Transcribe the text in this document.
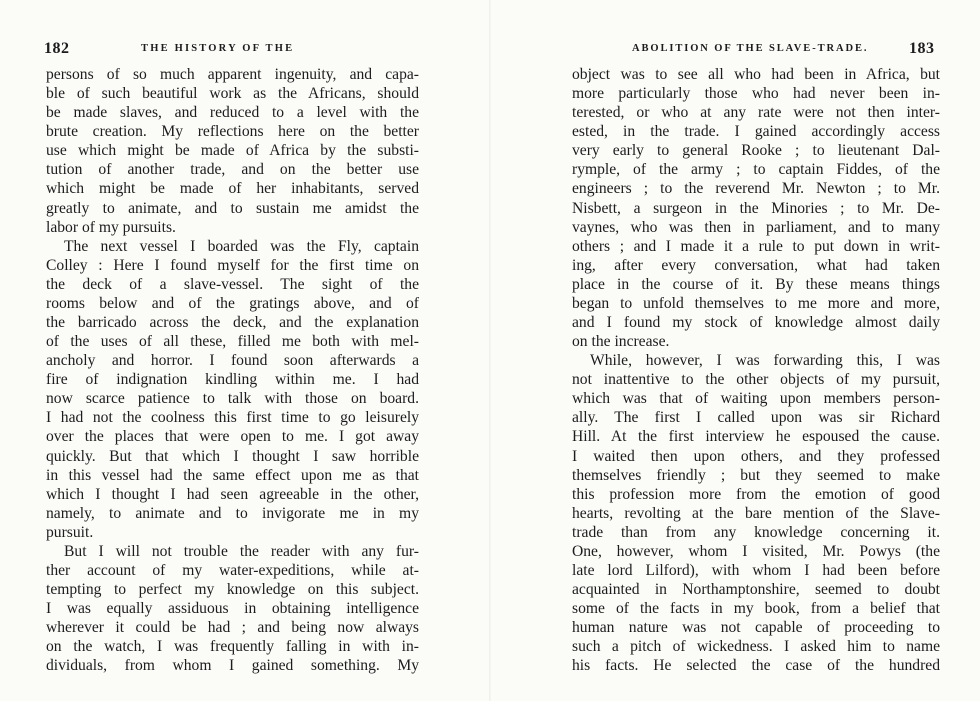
182	THE HISTORY OF THE
persons of so much apparent ingenuity, and capa-
ble of such beautiful work as the Africans, should
be made slaves, and reduced to a level with the
brute creation. My reflections here on the better
use which might be made of Africa by the substi-
tution of another trade, and on the better use
which might be made of her inhabitants, served
greatly to animate, and to sustain me amidst the
labor of my pursuits.
The next vessel I boarded was the Fly, captain
Colley : Here I found myself for the first time on
the deck of a slave-vessel. The sight of the
rooms below and of the gratings above, and of
the barricado across the deck, and the explanation
of the uses of all these, filled me both with mel-
ancholy and horror. I found soon afterwards a
fire of indignation kindling within me. I had
now scarce patience to talk with those on board.
I had not the coolness this first time to go leisurely
over the places that were open to me. I got away
quickly. But that which I thought I saw horrible
in this vessel had the same effect upon me as that
which I thought I had seen agreeable in the other,
namely, to animate and to invigorate me in my
pursuit.
But I will not trouble the reader with any fur-
ther account of my water-expeditions, while at-
tempting to perfect my knowledge on this subject.
I was equally assiduous in obtaining intelligence
wherever it could be had ; and being now always
on the watch, I was frequently falling in with in-
dividuals, from whom I gained something. My
ABOLITION OF THE SLAVE-TRADE.	183
object was to see all who had been in Africa, but
more particularly those who had never been in-
terested, or who at any rate were not then inter-
ested, in the trade. I gained accordingly access
very early to general Rooke ; to lieutenant Dal-
rymple, of the army ; to captain Fiddes, of the
engineers ; to the reverend Mr. Newton ; to Mr.
Nisbett, a surgeon in the Minories ; to Mr. De-
vaynes, who was then in parliament, and to many
others ; and I made it a rule to put down in writ-
ing, after every conversation, what had taken
place in the course of it. By these means things
began to unfold themselves to me more and more,
and I found my stock of knowledge almost daily
on the increase.
While, however, I was forwarding this, I was
not inattentive to the other objects of my pursuit,
which was that of waiting upon members person-
ally. The first I called upon was sir Richard
Hill. At the first interview he espoused the cause.
I waited then upon others, and they professed
themselves friendly ; but they seemed to make
this profession more from the emotion of good
hearts, revolting at the bare mention of the Slave-
trade than from any knowledge concerning it.
One, however, whom I visited, Mr. Powys (the
late lord Lilford), with whom I had been before
acquainted in Northamptonshire, seemed to doubt
some of the facts in my book, from a belief that
human nature was not capable of proceeding to
such a pitch of wickedness. I asked him to name
his facts. He selected the case of the hundred
